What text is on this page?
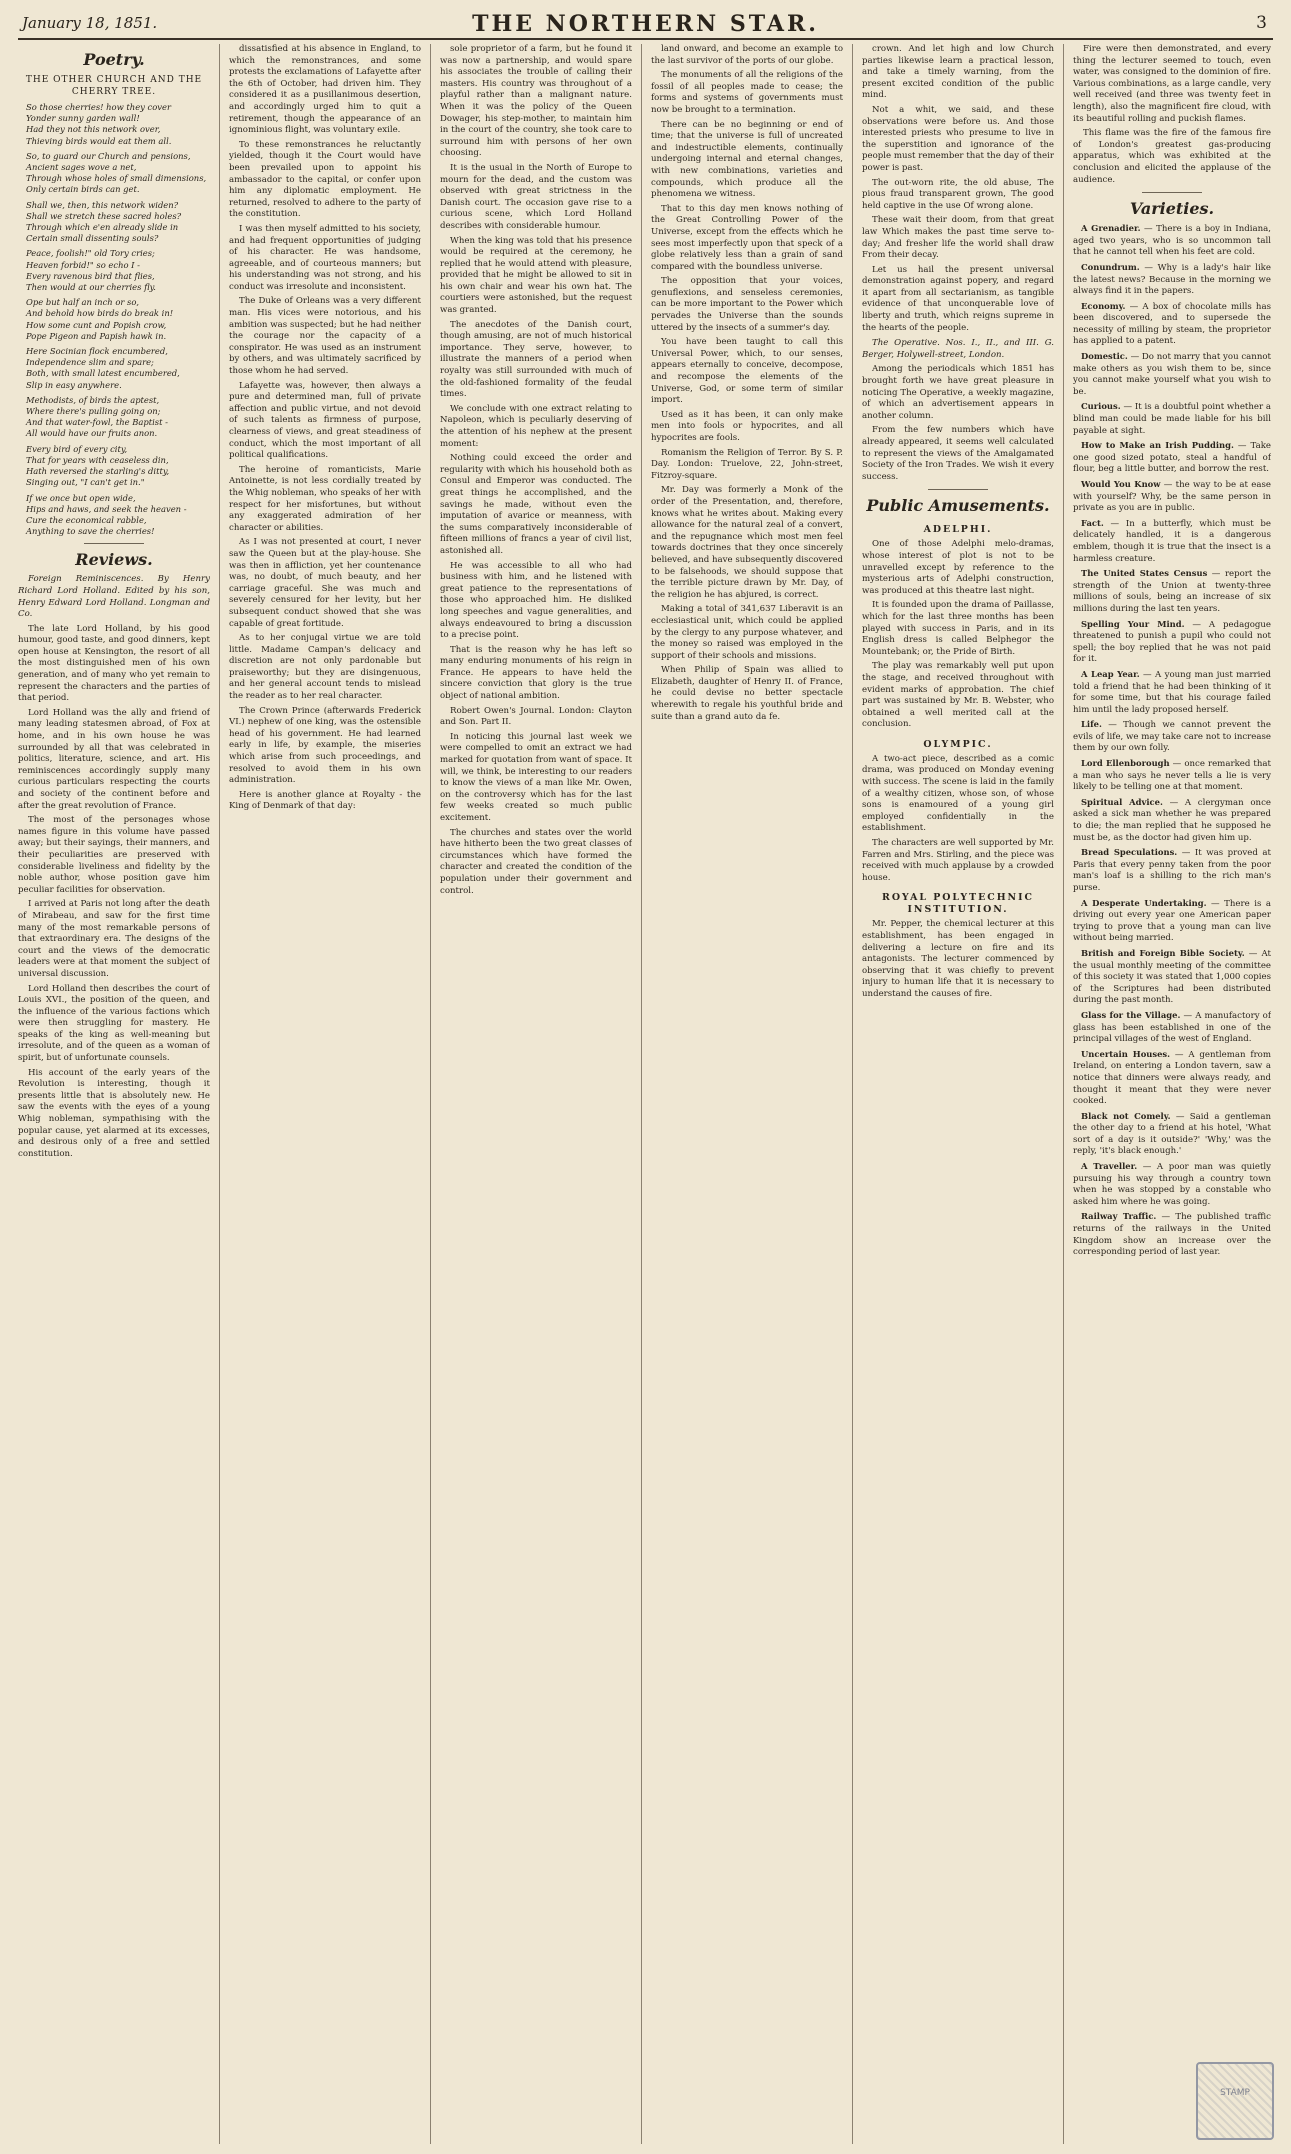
January 18, 1851.	THE NORTHERN STAR.	3
Poetry.
THE OTHER CHURCH AND THE CHERRY TREE.

So those cherries! how they cover

Yonder sunny garden wall!

Had they not this network over,

Thieving birds would eat them all.

So, to guard our Church and pensions,

Ancient sages wove a net,

Through whose holes of small dimensions,

Only certain birds can get.

Shall we, then, this network widen?

Shall we stretch these sacred holes?

Through which e'en already slide in

Certain small dissenting souls?

Peace, foolish!" old Tory cries;

Heaven forbid!" so echo I -

Every ravenous bird that flies,

Then would at our cherries fly.

Ope but half an inch or so,

And behold how birds do break in!

How some cunt and Popish crow,

Pope Pigeon and Papish hawk in.

Here Socinian flock encumbered,

Independence slim and spare;

Both, with small latest encumbered,

Slip in easy anywhere.

Methodists, of birds the aptest,

Where there's pulling going on;

And that water-fowl, the Baptist -

All would have our fruits anon.

Every bird of every city,

That for years with ceaseless din,

Hath reversed the starling's ditty,

Singing out, "I can't get in."

If we once but open wide,

Hips and haws, and seek the heaven -

Cure the economical rabble,

Anything to save the cherries!

Reviews.

Foreign Reminiscences. By Henry Richard Lord Holland. Edited by his son, Henry Edward Lord Holland. Longman and Co.

The late Lord Holland, by his good humour, good taste, and good dinners, kept open house at Kensington, the resort of all the most distinguished men of his own generation, and of many who yet remain to represent the characters and the parties of that period.

Lord Holland was the ally and friend of many leading statesmen abroad, of Fox at home, and in his own house he was surrounded by all that was celebrated in politics, literature, science, and art. His reminiscences accordingly supply many curious particulars respecting the courts and society of the continent before and after the great revolution of France.

The most of the personages whose names figure in this volume have passed away; but their sayings, their manners, and their peculiarities are preserved with considerable liveliness and fidelity by the noble author, whose position gave him peculiar facilities for observation.

I arrived at Paris not long after the death of Mirabeau, and saw for the first time many of the most remarkable persons of that extraordinary era. The designs of the court and the views of the democratic leaders were at that moment the subject of universal discussion.

Lord Holland then describes the court of Louis XVI., the position of the queen, and the influence of the various factions which were then struggling for mastery. He speaks of the king as well-meaning but irresolute, and of the queen as a woman of spirit, but of unfortunate counsels.

His account of the early years of the Revolution is interesting, though it presents little that is absolutely new. He saw the events with the eyes of a young Whig nobleman, sympathising with the popular cause, yet alarmed at its excesses, and desirous only of a free and settled constitution.

dissatisfied at his absence in England, to which the remonstrances, and some protests the exclamations of Lafayette after the 6th of October, had driven him. They considered it as a pusillanimous desertion, and accordingly urged him to quit a retirement, though the appearance of an ignominious flight, was voluntary exile.

To these remonstrances he reluctantly yielded, though it the Court would have been prevailed upon to appoint his ambassador to the capital, or confer upon him any diplomatic employment. He returned, resolved to adhere to the party of the constitution.

I was then myself admitted to his society, and had frequent opportunities of judging of his character. He was handsome, agreeable, and of courteous manners; but his understanding was not strong, and his conduct was irresolute and inconsistent.

The Duke of Orleans was a very different man. His vices were notorious, and his ambition was suspected; but he had neither the courage nor the capacity of a conspirator. He was used as an instrument by others, and was ultimately sacrificed by those whom he had served.

Lafayette was, however, then always a pure and determined man, full of private affection and public virtue, and not devoid of such talents as firmness of purpose, clearness of views, and great steadiness of conduct, which the most important of all political qualifications.

The heroine of romanticists, Marie Antoinette, is not less cordially treated by the Whig nobleman, who speaks of her with respect for her misfortunes, but without any exaggerated admiration of her character or abilities.

As I was not presented at court, I never saw the Queen but at the play-house. She was then in affliction, yet her countenance was, no doubt, of much beauty, and her carriage graceful. She was much and severely censured for her levity, but her subsequent conduct showed that she was capable of great fortitude.

As to her conjugal virtue we are told little. Madame Campan's delicacy and discretion are not only pardonable but praiseworthy; but they are disingenuous, and her general account tends to mislead the reader as to her real character.

The Crown Prince (afterwards Frederick VI.) nephew of one king, was the ostensible head of his government. He had learned early in life, by example, the miseries which arise from such proceedings, and resolved to avoid them in his own administration.

Here is another glance at Royalty - the King of Denmark of that day:

sole proprietor of a farm, but he found it was now a partnership, and would spare his associates the trouble of calling their masters. His country was throughout of a playful rather than a malignant nature. When it was the policy of the Queen Dowager, his step-mother, to maintain him in the court of the country, she took care to surround him with persons of her own choosing.

It is the usual in the North of Europe to mourn for the dead, and the custom was observed with great strictness in the Danish court. The occasion gave rise to a curious scene, which Lord Holland describes with considerable humour.

When the king was told that his presence would be required at the ceremony, he replied that he would attend with pleasure, provided that he might be allowed to sit in his own chair and wear his own hat. The courtiers were astonished, but the request was granted.

The anecdotes of the Danish court, though amusing, are not of much historical importance. They serve, however, to illustrate the manners of a period when royalty was still surrounded with much of the old-fashioned formality of the feudal times.

We conclude with one extract relating to Napoleon, which is peculiarly deserving of the attention of his nephew at the present moment:

Nothing could exceed the order and regularity with which his household both as Consul and Emperor was conducted. The great things he accomplished, and the savings he made, without even the imputation of avarice or meanness, with the sums comparatively inconsiderable of fifteen millions of francs a year of civil list, astonished all.

He was accessible to all who had business with him, and he listened with great patience to the representations of those who approached him. He disliked long speeches and vague generalities, and always endeavoured to bring a discussion to a precise point.

That is the reason why he has left so many enduring monuments of his reign in France. He appears to have held the sincere conviction that glory is the true object of national ambition.

Robert Owen's Journal. London: Clayton and Son. Part II.

In noticing this journal last week we were compelled to omit an extract we had marked for quotation from want of space. It will, we think, be interesting to our readers to know the views of a man like Mr. Owen, on the controversy which has for the last few weeks created so much public excitement.

The churches and states over the world have hitherto been the two great classes of circumstances which have formed the character and created the condition of the population under their government and control.

land onward, and become an example to the last survivor of the ports of our globe.

The monuments of all the religions of the fossil of all peoples made to cease; the forms and systems of governments must now be brought to a termination.

There can be no beginning or end of time; that the universe is full of uncreated and indestructible elements, continually undergoing internal and eternal changes, with new combinations, varieties and compounds, which produce all the phenomena we witness.

That to this day men knows nothing of the Great Controlling Power of the Universe, except from the effects which he sees most imperfectly upon that speck of a globe relatively less than a grain of sand compared with the boundless universe.

The opposition that your voices, genuflexions, and senseless ceremonies, can be more important to the Power which pervades the Universe than the sounds uttered by the insects of a summer's day.

You have been taught to call this Universal Power, which, to our senses, appears eternally to conceive, decompose, and recompose the elements of the Universe, God, or some term of similar import.

Used as it has been, it can only make men into fools or hypocrites, and all hypocrites are fools.

Romanism the Religion of Terror. By S. P. Day. London: Truelove, 22, John-street, Fitzroy-square.

Mr. Day was formerly a Monk of the order of the Presentation, and, therefore, knows what he writes about. Making every allowance for the natural zeal of a convert, and the repugnance which most men feel towards doctrines that they once sincerely believed, and have subsequently discovered to be falsehoods, we should suppose that the terrible picture drawn by Mr. Day, of the religion he has abjured, is correct.

Making a total of 341,637 Liberavit is an ecclesiastical unit, which could be applied by the clergy to any purpose whatever, and the money so raised was employed in the support of their schools and missions.

When Philip of Spain was allied to Elizabeth, daughter of Henry II. of France, he could devise no better spectacle wherewith to regale his youthful bride and suite than a grand auto da fe.

crown. And let high and low Church parties likewise learn a practical lesson, and take a timely warning, from the present excited condition of the public mind.

Not a whit, we said, and these observations were before us. And those interested priests who presume to live in the superstition and ignorance of the people must remember that the day of their power is past.

The out-worn rite, the old abuse, The pious fraud transparent grown, The good held captive in the use Of wrong alone.

These wait their doom, from that great law Which makes the past time serve to-day; And fresher life the world shall draw From their decay.

Let us hail the present universal demonstration against popery, and regard it apart from all sectarianism, as tangible evidence of that unconquerable love of liberty and truth, which reigns supreme in the hearts of the people.

The Operative. Nos. I., II., and III. G. Berger, Holywell-street, London.

Among the periodicals which 1851 has brought forth we have great pleasure in noticing The Operative, a weekly magazine, of which an advertisement appears in another column.

From the few numbers which have already appeared, it seems well calculated to represent the views of the Amalgamated Society of the Iron Trades. We wish it every success.

Public Amusements.
ADELPHI.

One of those Adelphi melo-dramas, whose interest of plot is not to be unravelled except by reference to the mysterious arts of Adelphi construction, was produced at this theatre last night.

It is founded upon the drama of Paillasse, which for the last three months has been played with success in Paris, and in its English dress is called Belphegor the Mountebank; or, the Pride of Birth.

The play was remarkably well put upon the stage, and received throughout with evident marks of approbation. The chief part was sustained by Mr. B. Webster, who obtained a well merited call at the conclusion.

OLYMPIC.

A two-act piece, described as a comic drama, was produced on Monday evening with success. The scene is laid in the family of a wealthy citizen, whose son, of whose sons is enamoured of a young girl employed confidentially in the establishment.

The characters are well supported by Mr. Farren and Mrs. Stirling, and the piece was received with much applause by a crowded house.

ROYAL POLYTECHNIC INSTITUTION.

Mr. Pepper, the chemical lecturer at this establishment, has been engaged in delivering a lecture on fire and its antagonists. The lecturer commenced by observing that it was chiefly to prevent injury to human life that it is necessary to understand the causes of fire.

Fire were then demonstrated, and every thing the lecturer seemed to touch, even water, was consigned to the dominion of fire. Various combinations, as a large candle, very well received (and three was twenty feet in length), also the magnificent fire cloud, with its beautiful rolling and puckish flames.

This flame was the fire of the famous fire of London's greatest gas-producing apparatus, which was exhibited at the conclusion and elicited the applause of the audience.

Varieties.

A Grenadier. — There is a boy in Indiana, aged two years, who is so uncommon tall that he cannot tell when his feet are cold.

Conundrum. — Why is a lady's hair like the latest news? Because in the morning we always find it in the papers.

Economy. — A box of chocolate mills has been discovered, and to supersede the necessity of milling by steam, the proprietor has applied to a patent.

Domestic. — Do not marry that you cannot make others as you wish them to be, since you cannot make yourself what you wish to be.

Curious. — It is a doubtful point whether a blind man could be made liable for his bill payable at sight.

How to Make an Irish Pudding. — Take one good sized potato, steal a handful of flour, beg a little butter, and borrow the rest.

Would You Know — the way to be at ease with yourself? Why, be the same person in private as you are in public.

Fact. — In a butterfly, which must be delicately handled, it is a dangerous emblem, though it is true that the insect is a harmless creature.

The United States Census — report the strength of the Union at twenty-three millions of souls, being an increase of six millions during the last ten years.

Spelling Your Mind. — A pedagogue threatened to punish a pupil who could not spell; the boy replied that he was not paid for it.

A Leap Year. — A young man just married told a friend that he had been thinking of it for some time, but that his courage failed him until the lady proposed herself.

Life. — Though we cannot prevent the evils of life, we may take care not to increase them by our own folly.

Lord Ellenborough — once remarked that a man who says he never tells a lie is very likely to be telling one at that moment.

Spiritual Advice. — A clergyman once asked a sick man whether he was prepared to die; the man replied that he supposed he must be, as the doctor had given him up.

Bread Speculations. — It was proved at Paris that every penny taken from the poor man's loaf is a shilling to the rich man's purse.

A Desperate Undertaking. — There is a driving out every year one American paper trying to prove that a young man can live without being married.

British and Foreign Bible Society. — At the usual monthly meeting of the committee of this society it was stated that 1,000 copies of the Scriptures had been distributed during the past month.

Glass for the Village. — A manufactory of glass has been established in one of the principal villages of the west of England.

Uncertain Houses. — A gentleman from Ireland, on entering a London tavern, saw a notice that dinners were always ready, and thought it meant that they were never cooked.

Black not Comely. — Said a gentleman the other day to a friend at his hotel, 'What sort of a day is it outside?' 'Why,' was the reply, 'it's black enough.'

A Traveller. — A poor man was quietly pursuing his way through a country town when he was stopped by a constable who asked him where he was going.

Railway Traffic. — The published traffic returns of the railways in the United Kingdom show an increase over the corresponding period of last year.

STAMP
